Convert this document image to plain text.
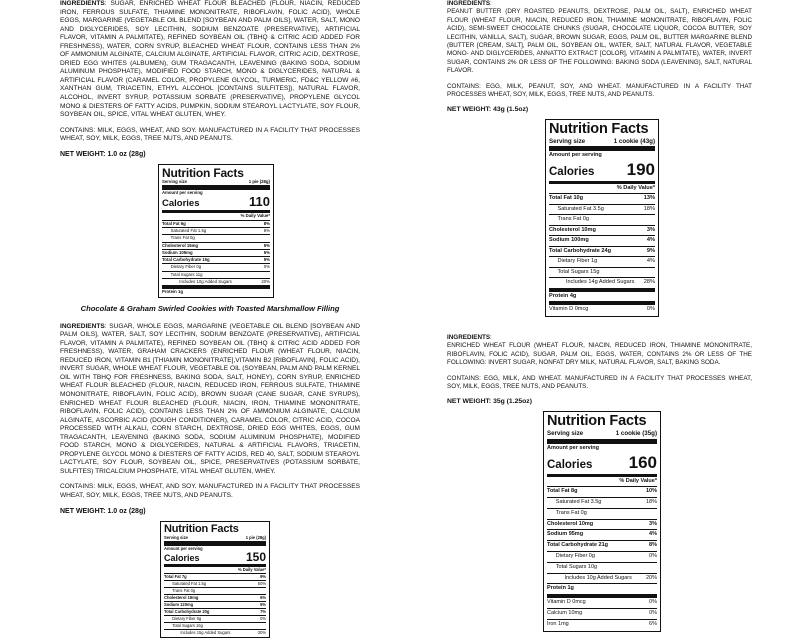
INGREDIENTS: SUGAR, ENRICHED WHEAT FLOUR BLEACHED (FLOUR, NIACIN, REDUCED IRON, FERROUS SULFATE, THIAMINE MONONITRATE, RIBOFLAVIN, FOLIC ACID), WHOLE EGGS, MARGARINE (VEGETABLE OIL BLEND [SOYBEAN AND PALM OILS], WATER, SALT, MONO AND DIGLYCERIDES, SOY LECITHIN, SODIUM BENZOATE (PRESERVATIVE), ARTIFICIAL FLAVOR, VITAMIN A PALMITATE), REFINED SOYBEAN OIL (TBHQ & CITRIC ACID ADDED FOR FRESHNESS), WATER, CORN SYRUP, BLEACHED WHEAT FLOUR, CONTAINS LESS THAN 2% OF AMMONIUM ALGINATE, CALCIUM ALGINATE, ARTIFICIAL FLAVOR, CITRIC ACID, DEXTROSE, DRIED EGG WHITES (ALBUMEN), GUM TRAGACANTH, LEAVENING (BAKING SODA, SODIUM ALUMINUM PHOSPHATE), MODIFIED FOOD STARCH, MONO & DIGLYCERIDES, NATURAL & ARTIFICIAL FLAVOR (CARAMEL COLOR, PROPYLENE GLYCOL, TURMERIC, FD&C YELLOW #6, XANTHAN GUM, TRIACETIN, ETHYL ALCOHOL [CONTAINS SULFITES]), NATURAL FLAVOR, ALCOHOL, INVERT SYRUP, POTASSIUM SORBATE (PRESERVATIVE), PROPYLENE GLYCOL MONO & DIESTERS OF FATTY ACIDS, PUMPKIN, SODIUM STEAROYL LACTYLATE, SOY FLOUR, SOYBEAN OIL, SPICE, VITAL WHEAT GLUTEN, WHEY.

CONTAINS: MILK, EGGS, WHEAT, AND SOY. MANUFACTURED IN A FACILITY THAT PROCESSES WHEAT, SOY, MILK, EGGS, TREE NUTS, AND PEANUTS.

NET WEIGHT: 1.0 oz (28g)

Nutrition Facts
Serving size	1 pie (28g)
Amount per serving
Calories	110
% Daily Value*
Total Fat 6g	8%
Saturated Fat 1.5g	8%
Trans Fat 0g
Cholesterol 15mg	5%
Sodium 105mg	5%
Total Carbohydrate 15g	5%
Dietary Fiber 0g	0%
Total Sugars 11g
Includes 10g Added Sugars	20%
Protein 1g

Chocolate & Graham Swirled Cookies with Toasted Marshmallow Filling

INGREDIENTS: SUGAR, WHOLE EGGS, MARGARINE (VEGETABLE OIL BLEND [SOYBEAN AND PALM OILS], WATER, SALT, SOY LECITHIN, SODIUM BENZOATE (PRESERVATIVE), ARTIFICIAL FLAVOR, VITAMIN A PALMITATE), REFINED SOYBEAN OIL (TBHQ & CITRIC ACID ADDED FOR FRESHNESS), WATER, GRAHAM CRACKERS (ENRICHED FLOUR (WHEAT FLOUR, NIACIN, REDUCED IRON, VITAMIN B1 [THIAMIN MONONITRATE],VITAMIN B2 [RIBOFLAVIN], FOLIC ACID), INVERT SUGAR, WHOLE WHEAT FLOUR, VEGETABLE OIL (SOYBEAN, PALM AND PALM KERNEL OIL WITH TBHQ FOR FRESHNESS, BAKING SODA, SALT, HONEY), CORN SYRUP, ENRICHED WHEAT FLOUR BLEACHED (FLOUR, NIACIN, REDUCED IRON, FERROUS SULFATE, THIAMINE MONONITRATE, RIBOFLAVIN, FOLIC ACID), BROWN SUGAR (CANE SUGAR, CANE SYRUPS), ENRICHED WHEAT FLOUR BLEACHED (FLOUR, NIACIN, IRON, THIAMINE MONONITRATE, RIBOFLAVIN, FOLIC ACID), CONTAINS LESS THAN 2% OF AMMONIUM ALGINATE, CALCIUM ALGINATE, ASCORBIC ACID (DOUGH CONDITIONER), CARAMEL COLOR, CITRIC ACID, COCOA PROCESSED WITH ALKALI, CORN STARCH, DEXTROSE, DRIED EGG WHITES, EGGS, GUM TRAGACANTH, LEAVENING (BAKING SODA, SODIUM ALUMINUM PHOSPHATE), MODIFIED FOOD STARCH, MONO & DIGLYCERIDES, NATURAL & ARTIFICIAL FLAVORS, TRIACETIN, PROPYLENE GLYCOL MONO & DIESTERS OF FATTY ACIDS, RED 40, SALT, SODIUM STEAROYL LACTYLATE, SOY FLOUR, SOYBEAN OIL, SPICE, PRESERVATIVES (POTASSIUM SORBATE, SULFITES) TRICALCIUM PHOSPHATE, VITAL WHEAT GLUTEN, WHEY.

CONTAINS: MILK, EGGS, WHEAT, AND SOY. MANUFACTURED IN A FACILITY THAT PROCESSES WHEAT, SOY, MILK, EGGS, TREE NUTS, AND PEANUTS.

NET WEIGHT: 1.0 oz (28g)

Nutrition Facts
Serving size	1 pie (28g)
Amount per serving
Calories	150
% Daily Value*
Total Fat 7g	9%
Saturated Fat 1.5g	50%
Trans Fat 0g
Cholesterol 15mg	6%
Sodium 120mg	5%
Total Carbohydrate 20g	7%
Dietary Fiber 0g	0%
Total Sugars 16g
Includes 15g Added Sugars	30%

INGREDIENTS:
PEANUT BUTTER (DRY ROASTED PEANUTS, DEXTROSE, PALM OIL, SALT), ENRICHED WHEAT FLOUR (WHEAT FLOUR, NIACIN, REDUCED IRON, THIAMINE MONONITRATE, RIBOFLAVIN, FOLIC ACID), SEMI-SWEET CHOCOLATE CHUNKS (SUGAR, CHOCOLATE LIQUOR, COCOA BUTTER, SOY LECITHIN, VANILLA, SALT), SUGAR, BROWN SUGAR, EGGS, PALM OIL, BUTTER MARGARINE BLEND (BUTTER [CREAM, SALT], PALM OIL, SOYBEAN OIL, WATER, SALT, NATURAL FLAVOR, VEGETABLE MONO- AND DIGLYCERIDES, ANNATTO EXTRACT [COLOR], VITAMIN A PALMITATE), WATER, INVERT SUGAR, CONTAINS 2% OR LESS OF THE FOLLOWING: BAKING SODA (LEAVENING), SALT, NATURAL FLAVOR.

CONTAINS: EGG, MILK, PEANUT, SOY, AND WHEAT. MANUFACTURED IN A FACILITY THAT PROCESSES WHEAT, SOY, MILK, EGGS, TREE NUTS, AND PEANUTS.

NET WEIGHT: 43g (1.5oz)

Nutrition Facts
Serving size	1 cookie (43g)
Amount per serving
Calories 190
% Daily Value*
Total Fat 10g	13%
Saturated Fat 3.5g	18%
Trans Fat 0g
Cholesterol 10mg	3%
Sodium 100mg	4%
Total Carbohydrate 24g	9%
Dietary Fiber 1g	4%
Total Sugars 15g
Includes 14g Added Sugars 28%
Protein 4g
Vitamin D 0mcg	0%

INGREDIENTS:
ENRICHED WHEAT FLOUR (WHEAT FLOUR, NIACIN, REDUCED IRON, THIAMINE MONONITRATE, RIBOFLAVIN, FOLIC ACID), SUGAR, PALM OIL, EGGS, WATER, CONTAINS 2% OR LESS OF THE FOLLOWING: INVERT SUGAR, NONFAT DRY MILK, NATURAL FLAVOR, SALT, BAKING SODA.

CONTAINS: EGG, MILK, AND WHEAT. MANUFACTURED IN A FACILITY THAT PROCESSES WHEAT, SOY, MILK, EGGS, TREE NUTS, AND PEANUTS.

NET WEIGHT: 35g (1.25oz)

Nutrition Facts
Serving size	1 cookie (35g)
Amount per serving
Calories 160
% Daily Value*
Total Fat 8g	10%
Saturated Fat 3.5g	18%
Trans Fat 0g
Cholesterol 10mg	3%
Sodium 95mg	4%
Total Carbohydrate 21g	8%
Dietary Fiber 0g	0%
Total Sugars 10g
Includes 10g Added Sugars	20%
Protein 1g
Vitamin D 0mcg	0%
Calcium 10mg	0%
Iron 1mg	6%
